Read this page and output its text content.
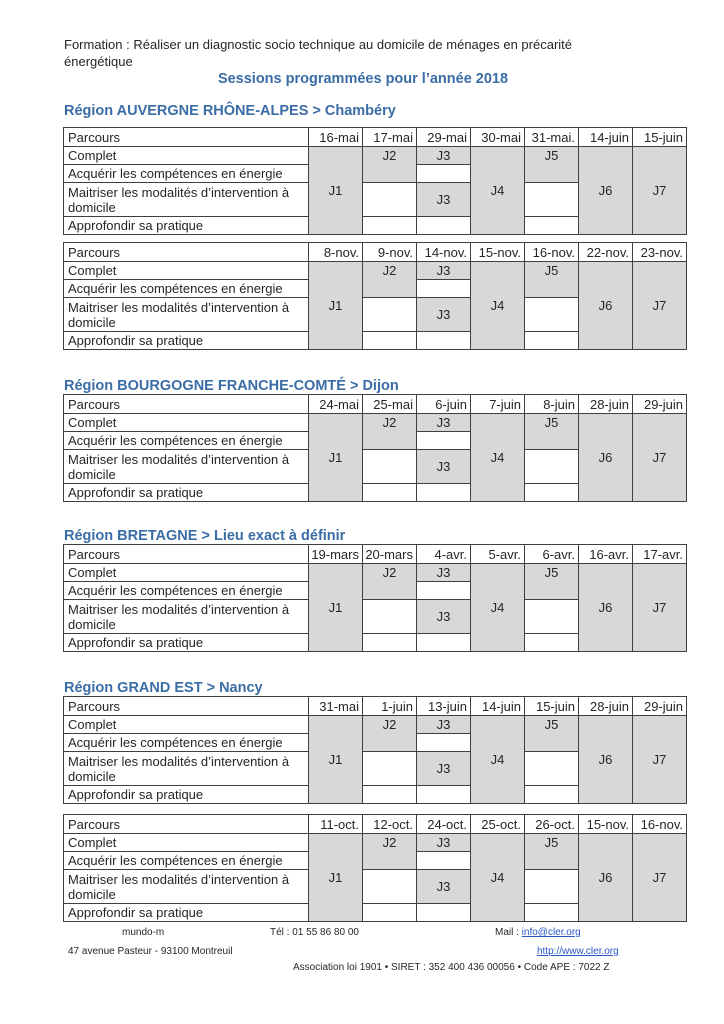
Formation : Réaliser un diagnostic socio technique au domicile de ménages en précarité énergétique
Sessions programmées pour l’année 2018
Région AUVERGNE RHÔNE-ALPES > Chambéry
Parcours	16-mai	17-mai	29-mai	30-mai	31-mai.	14-juin	15-juin
Complet	J1	J2	J3	J4	J5	J6	J7
Acquérir les compétences en énergie							
Maitriser les modalités d’intervention à domicile			J3				
Approfondir sa pratique							
Parcours	8-nov.	9-nov.	14-nov.	15-nov.	16-nov.	22-nov.	23-nov.
Complet	J1	J2	J3	J4	J5	J6	J7
Acquérir les compétences en énergie							
Maitriser les modalités d’intervention à domicile			J3				
Approfondir sa pratique							
Région BOURGOGNE FRANCHE-COMTÉ > Dijon
Parcours	24-mai	25-mai	6-juin	7-juin	8-juin	28-juin	29-juin
Complet	J1	J2	J3	J4	J5	J6	J7
Acquérir les compétences en énergie							
Maitriser les modalités d’intervention à domicile			J3				
Approfondir sa pratique							
Région BRETAGNE > Lieu exact à définir
Parcours	19-mars	20-mars	4-avr.	5-avr.	6-avr.	16-avr.	17-avr.
Complet	J1	J2	J3	J4	J5	J6	J7
Acquérir les compétences en énergie							
Maitriser les modalités d’intervention à domicile			J3				
Approfondir sa pratique							
Région GRAND EST > Nancy
Parcours	31-mai	1-juin	13-juin	14-juin	15-juin	28-juin	29-juin
Complet	J1	J2	J3	J4	J5	J6	J7
Acquérir les compétences en énergie							
Maitriser les modalités d’intervention à domicile			J3				
Approfondir sa pratique							
Parcours	11-oct.	12-oct.	24-oct.	25-oct.	26-oct.	15-nov.	16-nov.
Complet	J1	J2	J3	J4	J5	J6	J7
Acquérir les compétences en énergie							
Maitriser les modalités d’intervention à domicile			J3				
Approfondir sa pratique							
mundo-m	Tél : 01 55 86 80 00	Mail : info@cler.org
47 avenue Pasteur - 93100 Montreuil	http://www.cler.org
Association loi 1901 • SIRET : 352 400 436 00056 • Code APE : 7022 Z
